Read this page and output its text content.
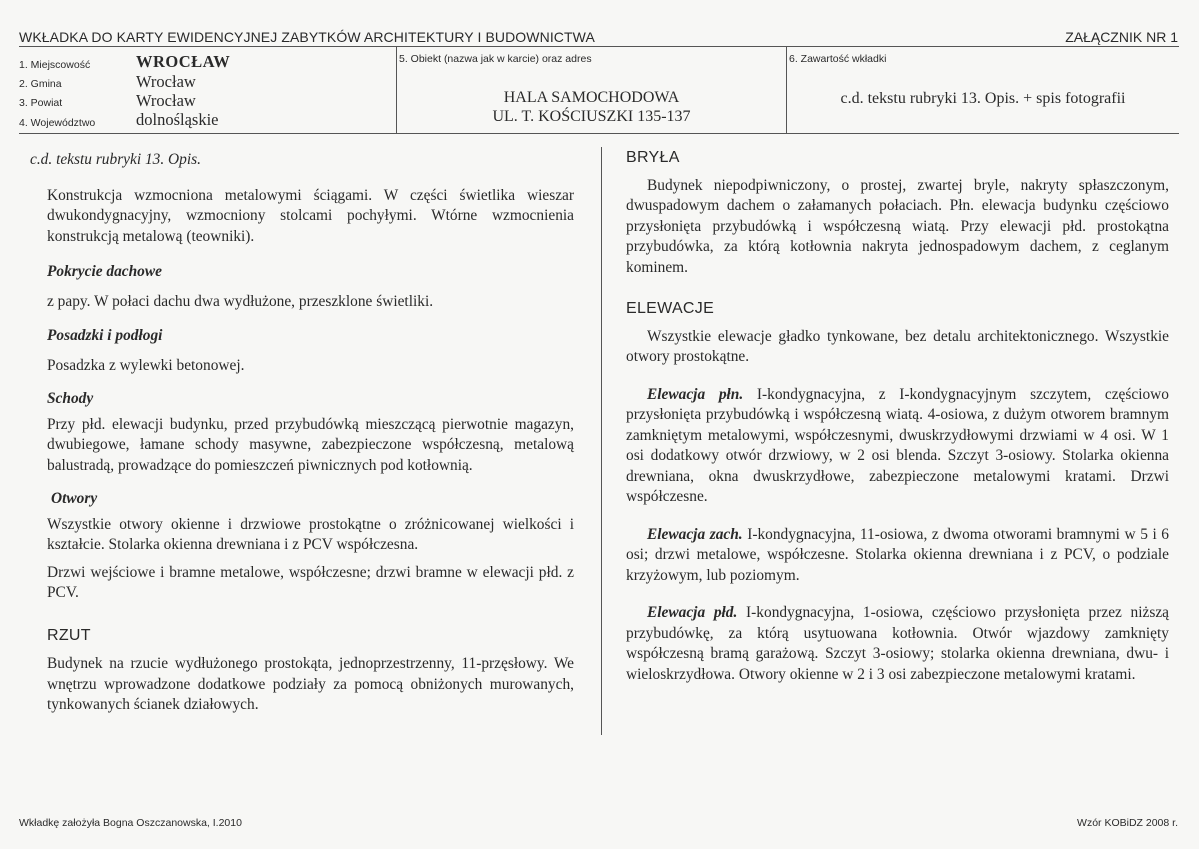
WKŁADKA DO KARTY EWIDENCYJNEJ ZABYTKÓW ARCHITEKTURY I BUDOWNICTWA	ZAŁĄCZNIK NR 1
1. Miejscowość	WROCŁAW
2. Gmina	Wrocław
3. Powiat	Wrocław
4. Województwo dolnośląskie
5. Obiekt (nazwa jak w karcie) oraz adres
HALA SAMOCHODOWA
UL. T. KOŚCIUSZKI 135-137
6. Zawartość wkładki
c.d. tekstu rubryki 13. Opis. + spis fotografii
c.d. tekstu rubryki 13. Opis.

Konstrukcja wzmocniona metalowymi ściągami. W części świetlika wieszar dwukondygnacyjny, wzmocniony stolcami pochyłymi. Wtórne wzmocnienia konstrukcją metalową (teowniki).

Pokrycie dachowe

z papy. W połaci dachu dwa wydłużone, przeszklone świetliki.

Posadzki i podłogi

Posadzka z wylewki betonowej.

Schody

Przy płd. elewacji budynku, przed przybudówką mieszczącą pierwotnie magazyn, dwubiegowe, łamane schody masywne, zabezpieczone współczesną, metalową balustradą, prowadzące do pomieszczeń piwnicznych pod kotłownią.

Otwory

Wszystkie otwory okienne i drzwiowe prostokątne o zróżnicowanej wielkości i kształcie. Stolarka okienna drewniana i z PCV współczesna.

Drzwi wejściowe i bramne metalowe, współczesne; drzwi bramne w elewacji płd. z PCV.

RZUT

Budynek na rzucie wydłużonego prostokąta, jednoprzestrzenny, 11-przęsłowy. We wnętrzu wprowadzone dodatkowe podziały za pomocą obniżonych murowanych, tynkowanych ścianek działowych.

BRYŁA

Budynek niepodpiwniczony, o prostej, zwartej bryle, nakryty spłaszczonym, dwuspadowym dachem o załamanych połaciach. Płn. elewacja budynku częściowo przysłonięta przybudówką i współczesną wiatą. Przy elewacji płd. prostokątna przybudówka, za którą kotłownia nakryta jednospadowym dachem, z ceglanym kominem.

ELEWACJE

Wszystkie elewacje gładko tynkowane, bez detalu architektonicznego. Wszystkie otwory prostokątne.

Elewacja płn. I-kondygnacyjna, z I-kondygnacyjnym szczytem, częściowo przysłonięta przybudówką i współczesną wiatą. 4-osiowa, z dużym otworem bramnym zamkniętym metalowymi, współczesnymi, dwuskrzydłowymi drzwiami w 4 osi. W 1 osi dodatkowy otwór drzwiowy, w 2 osi blenda. Szczyt 3-osiowy. Stolarka okienna drewniana, okna dwuskrzydłowe, zabezpieczone metalowymi kratami. Drzwi współczesne.

Elewacja zach. I-kondygnacyjna, 11-osiowa, z dwoma otworami bramnymi w 5 i 6 osi; drzwi metalowe, współczesne. Stolarka okienna drewniana i z PCV, o podziale krzyżowym, lub poziomym.

Elewacja płd. I-kondygnacyjna, 1-osiowa, częściowo przysłonięta przez niższą przybudówkę, za którą usytuowana kotłownia. Otwór wjazdowy zamknięty współczesną bramą garażową. Szczyt 3-osiowy; stolarka okienna drewniana, dwu- i wieloskrzydłowa. Otwory okienne w 2 i 3 osi zabezpieczone metalowymi kratami.

Wkładkę założyła Bogna Oszczanowska, I.2010	Wzór KOBiDZ 2008 r.
